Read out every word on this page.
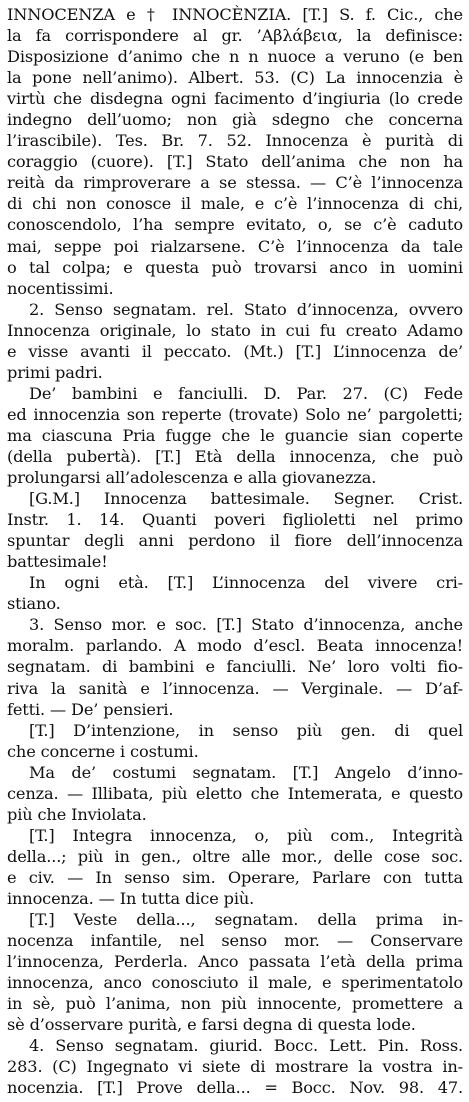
INNOCENZA e † INNOCÈNZIA. [T.] S. f. Cic., che
la fa corrispondere al gr. ’Αβλάβεια, la definisce:
Disposizione d’animo che n n nuoce a veruno (e ben
la pone nell’animo). Albert. 53. (C) La innocenzia è
virtù che disdegna ogni facimento d’ingiuria (lo crede
indegno dell’uomo; non già sdegno che concerna
l’irascibile). Tes. Br. 7. 52. Innocenza è purità di
coraggio (cuore). [T.] Stato dell’anima che non ha
reità da rimproverare a se stessa. — C’è l’innocenza
di chi non conosce il male, e c’è l’innocenza di chi,
conoscendolo, l’ha sempre evitato, o, se c’è caduto
mai, seppe poi rialzarsene. C’è l’innocenza da tale
o tal colpa; e questa può trovarsi anco in uomini
nocentissimi.
2. Senso segnatam. rel. Stato d’innocenza, ovvero
Innocenza originale, lo stato in cui fu creato Adamo
e visse avanti il peccato. (Mt.) [T.] L’innocenza de’
primi padri.
De’ bambini e fanciulli. D. Par. 27. (C) Fede
ed innocenzia son reperte (trovate) Solo ne’ pargoletti;
ma ciascuna Pria fugge che le guancie sian coperte
(della pubertà). [T.] Età della innocenza, che può
prolungarsi all’adolescenza e alla giovanezza.
[G.M.] Innocenza battesimale. Segner. Crist.
Instr. 1. 14. Quanti poveri figlioletti nel primo
spuntar degli anni perdono il fiore dell’innocenza
battesimale!
In ogni età. [T.] L’innocenza del vivere cri-
stiano.
3. Senso mor. e soc. [T.] Stato d’innocenza, anche
moralm. parlando. A modo d’escl. Beata innocenza!
segnatam. di bambini e fanciulli. Ne’ loro volti fio-
riva la sanità e l’innocenza. — Verginale. — D’af-
fetti. — De’ pensieri.
[T.] D’intenzione, in senso più gen. di quel
che concerne i costumi.
Ma de’ costumi segnatam. [T.] Angelo d’inno-
cenza. — Illibata, più eletto che Intemerata, e questo
più che Inviolata.
[T.] Integra innocenza, o, più com., Integrità
della...; più in gen., oltre alle mor., delle cose soc.
e civ. — In senso sim. Operare, Parlare con tutta
innocenza. — In tutta dice più.
[T.] Veste della..., segnatam. della prima in-
nocenza infantile, nel senso mor. — Conservare
l’innocenza, Perderla. Anco passata l’età della prima
innocenza, anco conosciuto il male, e sperimentatolo
in sè, può l’anima, non più innocente, promettere a
sè d’osservare purità, e farsi degna di questa lode.
4. Senso segnatam. giurid. Bocc. Lett. Pin. Ross.
283. (C) Ingegnato vi siete di mostrare la vostra in-
nocenzia. [T.] Prove della... = Bocc. Nov. 98. 47.
